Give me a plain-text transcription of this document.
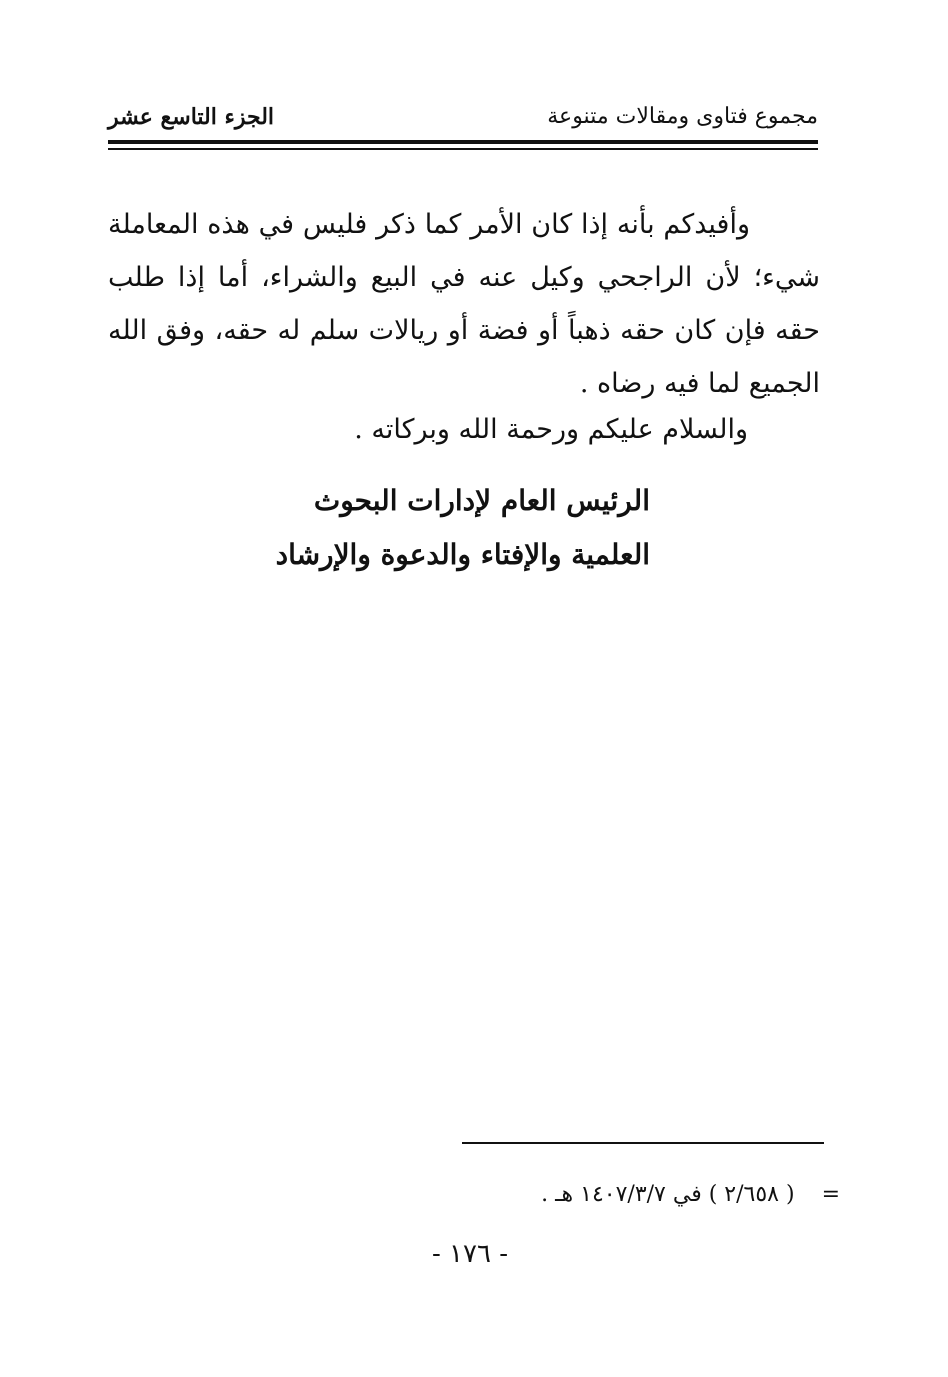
مجموع فتاوى ومقالات متنوعة
الجزء التاسع عشر

وأفيدكم بأنه إذا كان الأمر كما ذكر فليس في هذه المعاملة شيء؛ لأن الراجحي وكيل عنه في البيع والشراء، أما إذا طلب حقه فإن كان حقه ذهباً أو فضة أو ريالات سلم له حقه، وفق الله الجميع لما فيه رضاه .

والسلام عليكم ورحمة الله وبركاته .
الرئيس العام لإدارات البحوث
العلمية والإفتاء والدعوة والإرشاد
= ( ٢/٦٥٨ ) في ١٤٠٧/٣/٧ هـ .
- ١٧٦ -
